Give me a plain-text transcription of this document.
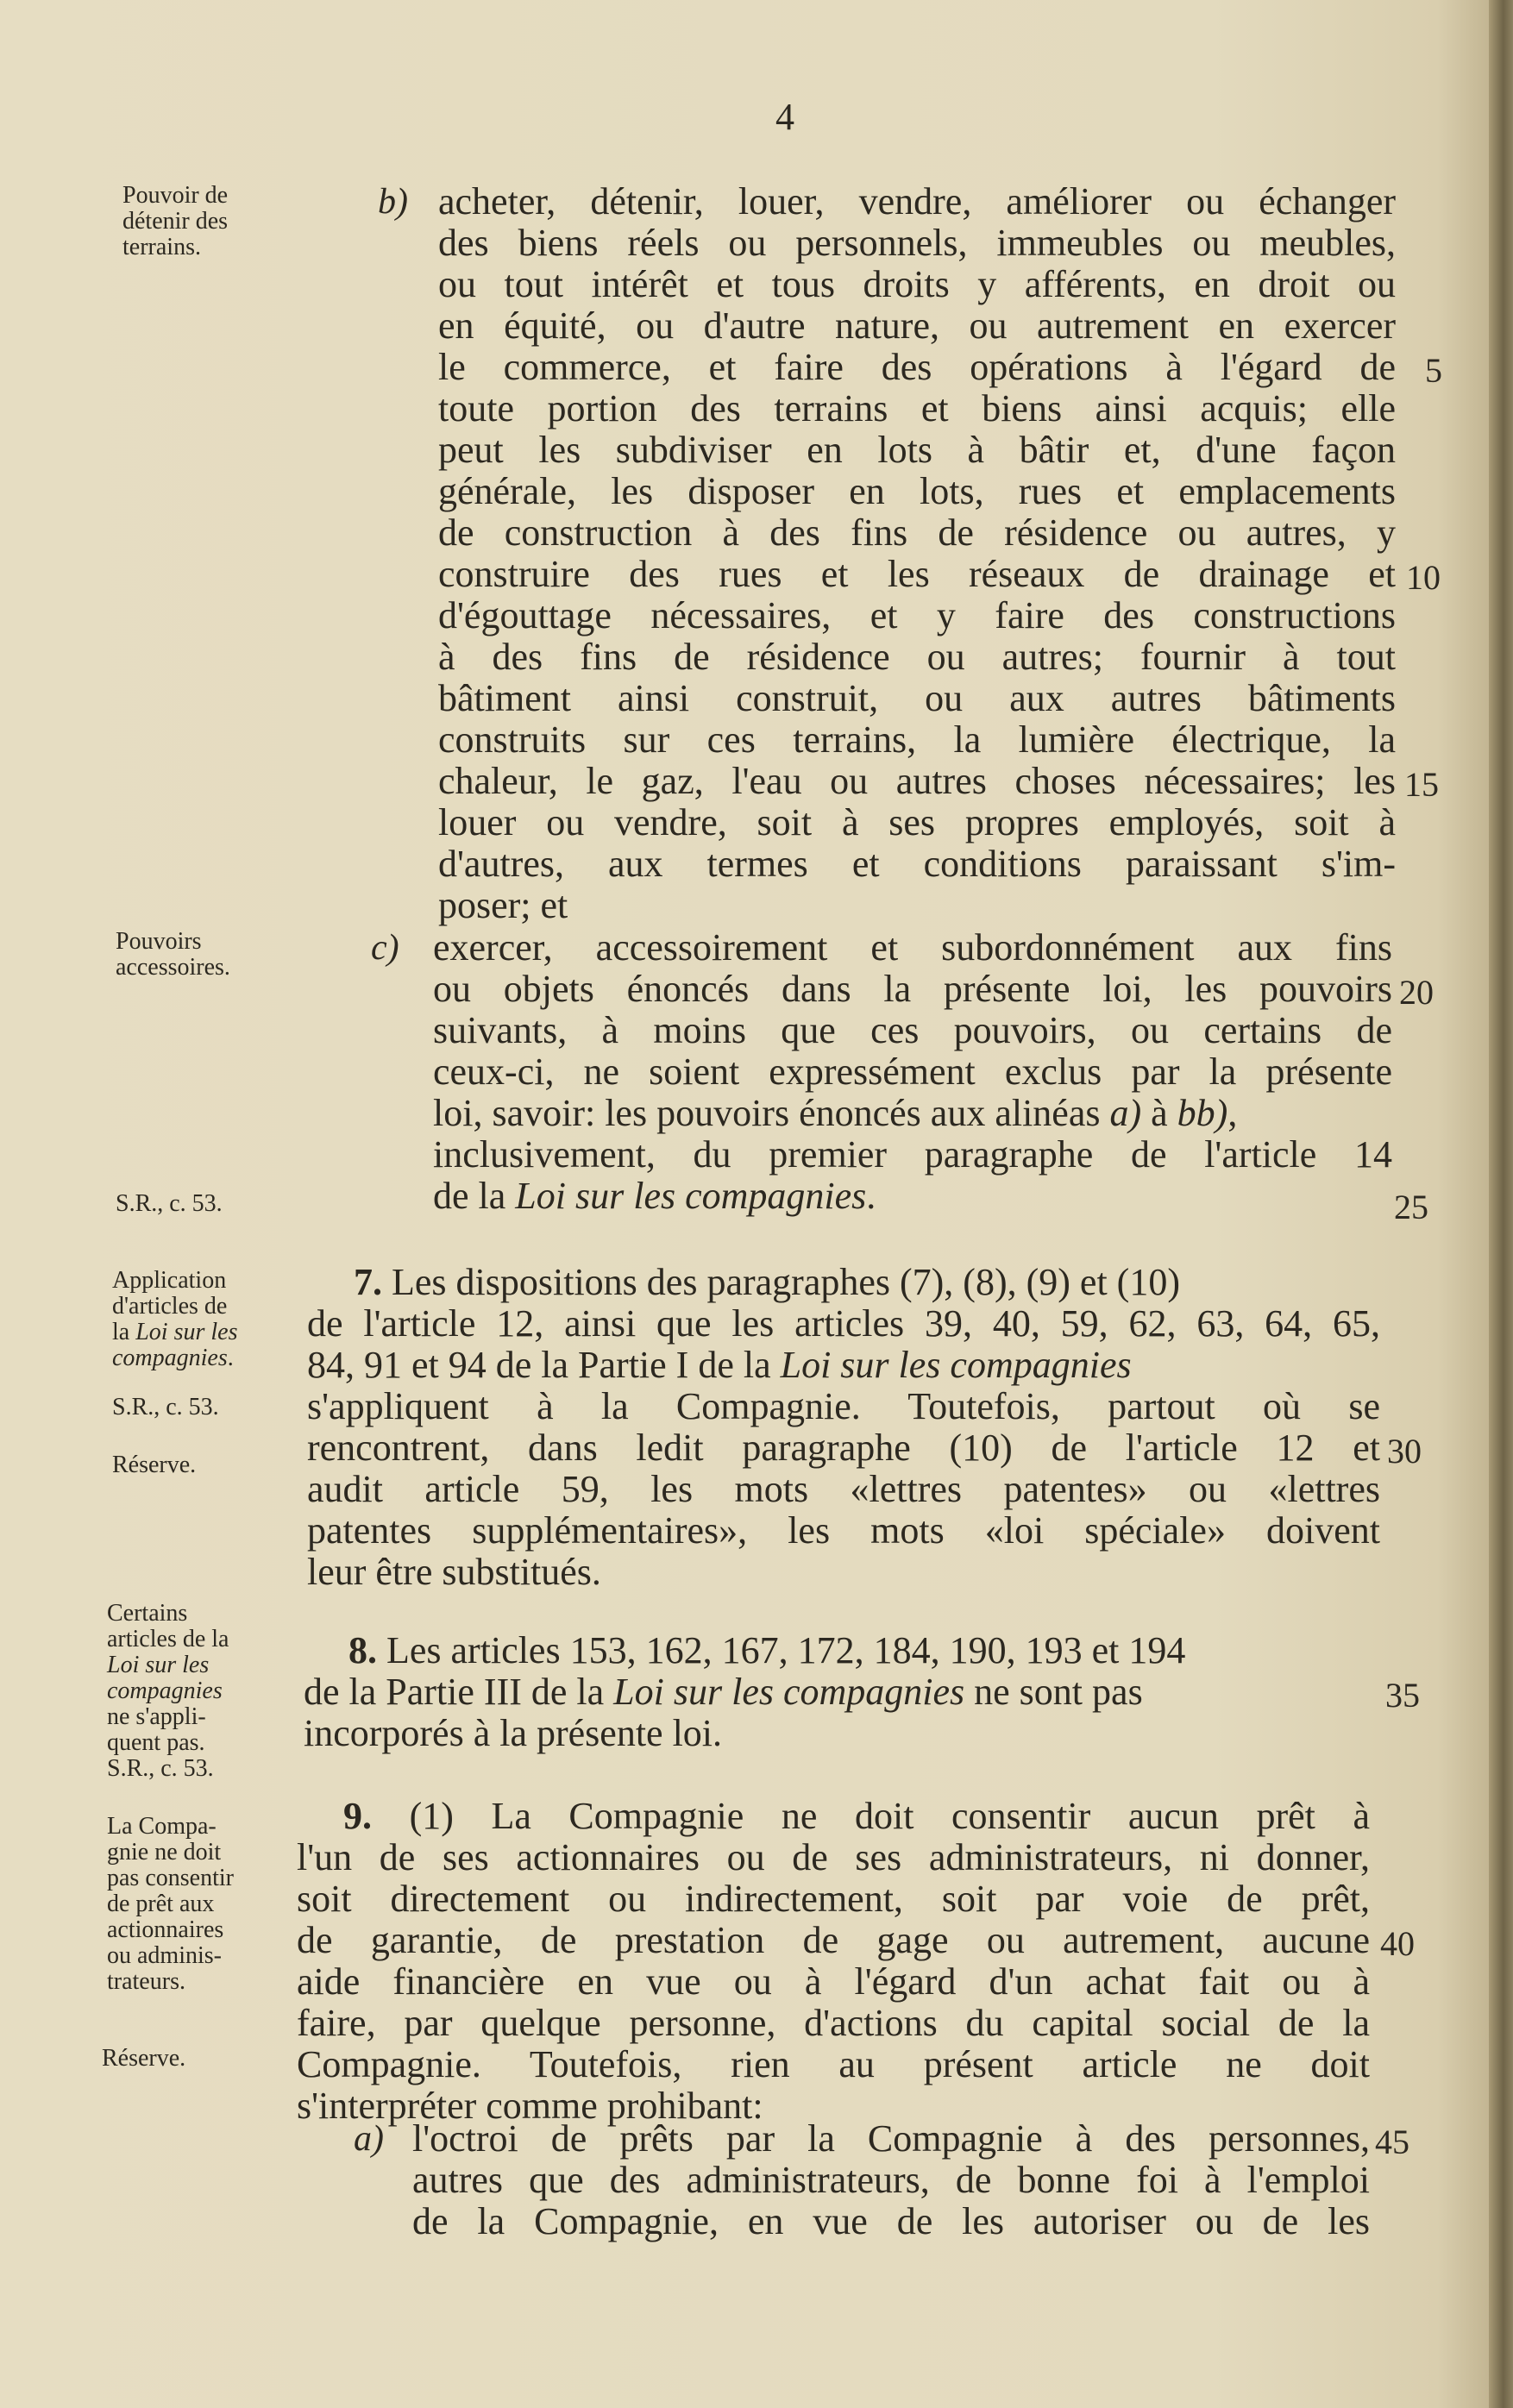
4
Pouvoir de
détenir des
terrains.
Pouvoirs
accessoires.
S.R., c. 53.
Application
d'articles de
la Loi sur les
compagnies.
S.R., c. 53.
Réserve.
Certains
articles de la
Loi sur les
compagnies
ne s'appli-
quent pas.
S.R., c. 53.
La Compa-
gnie ne doit
pas consentir
de prêt aux
actionnaires
ou adminis-
trateurs.
Réserve.
b)
c)
a)
acheter, détenir, louer, vendre, améliorer ou échanger
des biens réels ou personnels, immeubles ou meubles,
ou tout intérêt et tous droits y afférents, en droit ou
en équité, ou d'autre nature, ou autrement en exercer
le commerce, et faire des opérations à l'égard de
toute portion des terrains et biens ainsi acquis; elle
peut les subdiviser en lots à bâtir et, d'une façon
générale, les disposer en lots, rues et emplacements
de construction à des fins de résidence ou autres, y
construire des rues et les réseaux de drainage et
d'égouttage nécessaires, et y faire des constructions
à des fins de résidence ou autres; fournir à tout
bâtiment ainsi construit, ou aux autres bâtiments
construits sur ces terrains, la lumière électrique, la
chaleur, le gaz, l'eau ou autres choses nécessaires; les
louer ou vendre, soit à ses propres employés, soit à
d'autres, aux termes et conditions paraissant s'im-
poser; et
exercer, accessoirement et subordonnément aux fins
ou objets énoncés dans la présente loi, les pouvoirs
suivants, à moins que ces pouvoirs, ou certains de
ceux-ci, ne soient expressément exclus par la présente
loi, savoir: les pouvoirs énoncés aux alinéas a) à bb),
inclusivement, du premier paragraphe de l'article 14
de la Loi sur les compagnies.
7. Les dispositions des paragraphes (7), (8), (9) et (10)
de l'article 12, ainsi que les articles 39, 40, 59, 62, 63, 64, 65,
84, 91 et 94 de la Partie I de la Loi sur les compagnies
s'appliquent à la Compagnie. Toutefois, partout où se
rencontrent, dans ledit paragraphe (10) de l'article 12 et
audit article 59, les mots «lettres patentes» ou «lettres
patentes supplémentaires», les mots «loi spéciale» doivent
leur être substitués.
8. Les articles 153, 162, 167, 172, 184, 190, 193 et 194
de la Partie III de la Loi sur les compagnies ne sont pas
incorporés à la présente loi.
9. (1) La Compagnie ne doit consentir aucun prêt à
l'un de ses actionnaires ou de ses administrateurs, ni donner,
soit directement ou indirectement, soit par voie de prêt,
de garantie, de prestation de gage ou autrement, aucune
aide financière en vue ou à l'égard d'un achat fait ou à
faire, par quelque personne, d'actions du capital social de la
Compagnie. Toutefois, rien au présent article ne doit
s'interpréter comme prohibant:
l'octroi de prêts par la Compagnie à des personnes,
autres que des administrateurs, de bonne foi à l'emploi
de la Compagnie, en vue de les autoriser ou de les
5
10
15
20
25
30
35
40
45
